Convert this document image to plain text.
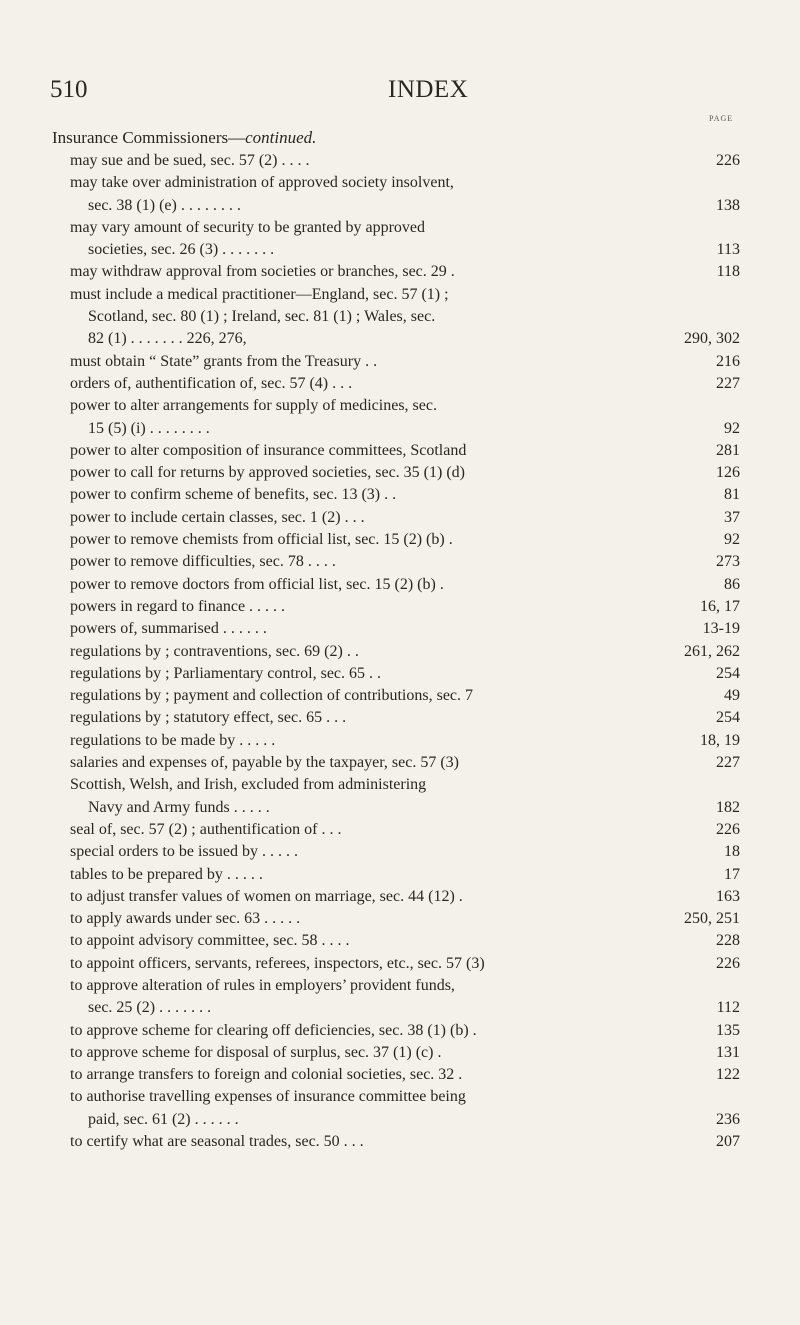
510	INDEX
PAGE
Insurance Commissioners—continued.
may sue and be sued, sec. 57 (2) . . . .	226
may take over administration of approved society insolvent,
sec. 38 (1) (e) . . . . . . . .	138
may vary amount of security to be granted by approved
societies, sec. 26 (3) . . . . . . .	113
may withdraw approval from societies or branches, sec. 29 .	118
must include a medical practitioner—England, sec. 57 (1) ;
Scotland, sec. 80 (1) ; Ireland, sec. 81 (1) ; Wales, sec.
82 (1) . . . . . . . 226, 276,	290, 302
must obtain “ State” grants from the Treasury . .	216
orders of, authentification of, sec. 57 (4) . . .	227
power to alter arrangements for supply of medicines, sec.
15 (5) (i) . . . . . . . .	92
power to alter composition of insurance committees, Scotland	281
power to call for returns by approved societies, sec. 35 (1) (d)	126
power to confirm scheme of benefits, sec. 13 (3) . .	81
power to include certain classes, sec. 1 (2) . . .	37
power to remove chemists from official list, sec. 15 (2) (b) .	92
power to remove difficulties, sec. 78 . . . .	273
power to remove doctors from official list, sec. 15 (2) (b) .	86
powers in regard to finance . . . . .	16, 17
powers of, summarised . . . . . .	13-19
regulations by ; contraventions, sec. 69 (2) . .	261, 262
regulations by ; Parliamentary control, sec. 65 . .	254
regulations by ; payment and collection of contributions, sec. 7	49
regulations by ; statutory effect, sec. 65 . . .	254
regulations to be made by . . . . .	18, 19
salaries and expenses of, payable by the taxpayer, sec. 57 (3)	227
Scottish, Welsh, and Irish, excluded from administering
Navy and Army funds . . . . .	182
seal of, sec. 57 (2) ; authentification of . . .	226
special orders to be issued by . . . . .	18
tables to be prepared by . . . . .	17
to adjust transfer values of women on marriage, sec. 44 (12) .	163
to apply awards under sec. 63 . . . . .	250, 251
to appoint advisory committee, sec. 58 . . . .	228
to appoint officers, servants, referees, inspectors, etc., sec. 57 (3)	226
to approve alteration of rules in employers’ provident funds,
sec. 25 (2) . . . . . . .	112
to approve scheme for clearing off deficiencies, sec. 38 (1) (b) .	135
to approve scheme for disposal of surplus, sec. 37 (1) (c) .	131
to arrange transfers to foreign and colonial societies, sec. 32 .	122
to authorise travelling expenses of insurance committee being
paid, sec. 61 (2) . . . . . .	236
to certify what are seasonal trades, sec. 50 . . .	207
